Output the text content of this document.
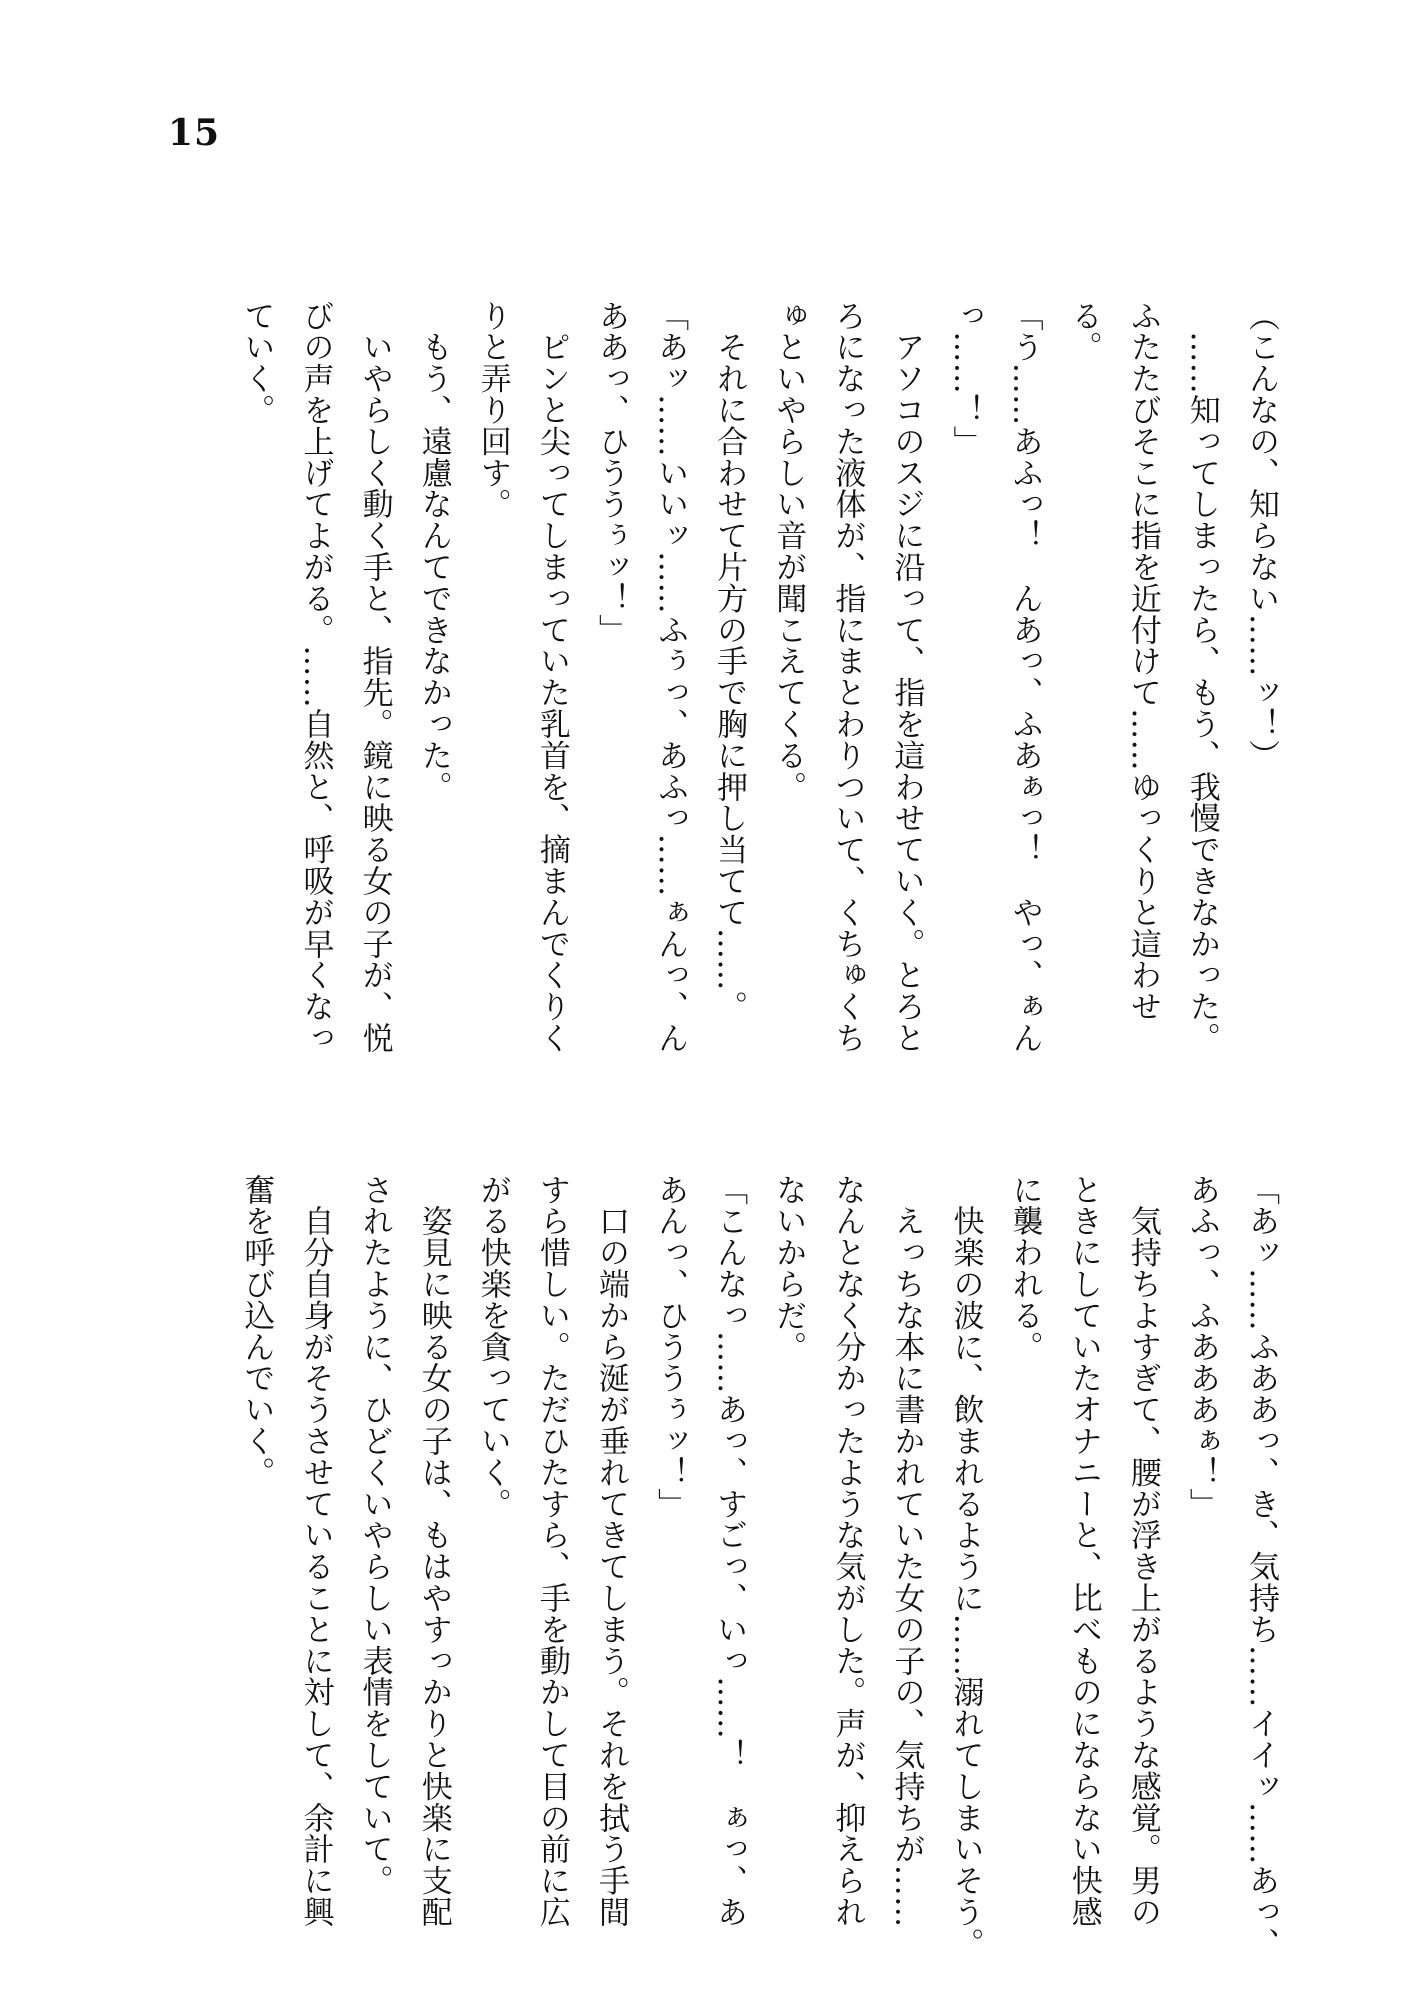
15
（こんなの、知らない……ッ！）
　……知ってしまったら、もう、我慢できなかった。
ふたたびそこに指を近付けて……ゆっくりと這わせ
る。
「う……あふっ！　んあっ、ふあぁっ！　やっ、ぁん
っ……！」
　アソコのスジに沿って、指を這わせていく。とろと
ろになった液体が、指にまとわりついて、くちゅくち
ゅといやらしい音が聞こえてくる。
　それに合わせて片方の手で胸に押し当てて……。
「あッ……いいッ……ふぅっ、あふっ……ぁんっ、ん
ああっ、ひううぅッ！」
　ピンと尖ってしまっていた乳首を、摘まんでくりく
りと弄り回す。
　もう、遠慮なんてできなかった。
　いやらしく動く手と、指先。鏡に映る女の子が、悦
びの声を上げてよがる。……自然と、呼吸が早くなっ
ていく。
「あッ……ふああっ、き、気持ち……イイッ……あっ、
あふっ、ふあああぁ！」
　気持ちよすぎて、腰が浮き上がるような感覚。男の
ときにしていたオナニーと、比べものにならない快感
に襲われる。
　快楽の波に、飲まれるように……溺れてしまいそう。
　えっちな本に書かれていた女の子の、気持ちが……
なんとなく分かったような気がした。声が、抑えられ
ないからだ。
「こんなっ……あっ、すごっ、いっ……！　ぁっ、あ
あんっ、ひううぅッ！」
　口の端から涎が垂れてきてしまう。それを拭う手間
すら惜しい。ただひたすら、手を動かして目の前に広
がる快楽を貪っていく。
　姿見に映る女の子は、もはやすっかりと快楽に支配
されたように、ひどくいやらしい表情をしていて。
　自分自身がそうさせていることに対して、余計に興
奮を呼び込んでいく。
